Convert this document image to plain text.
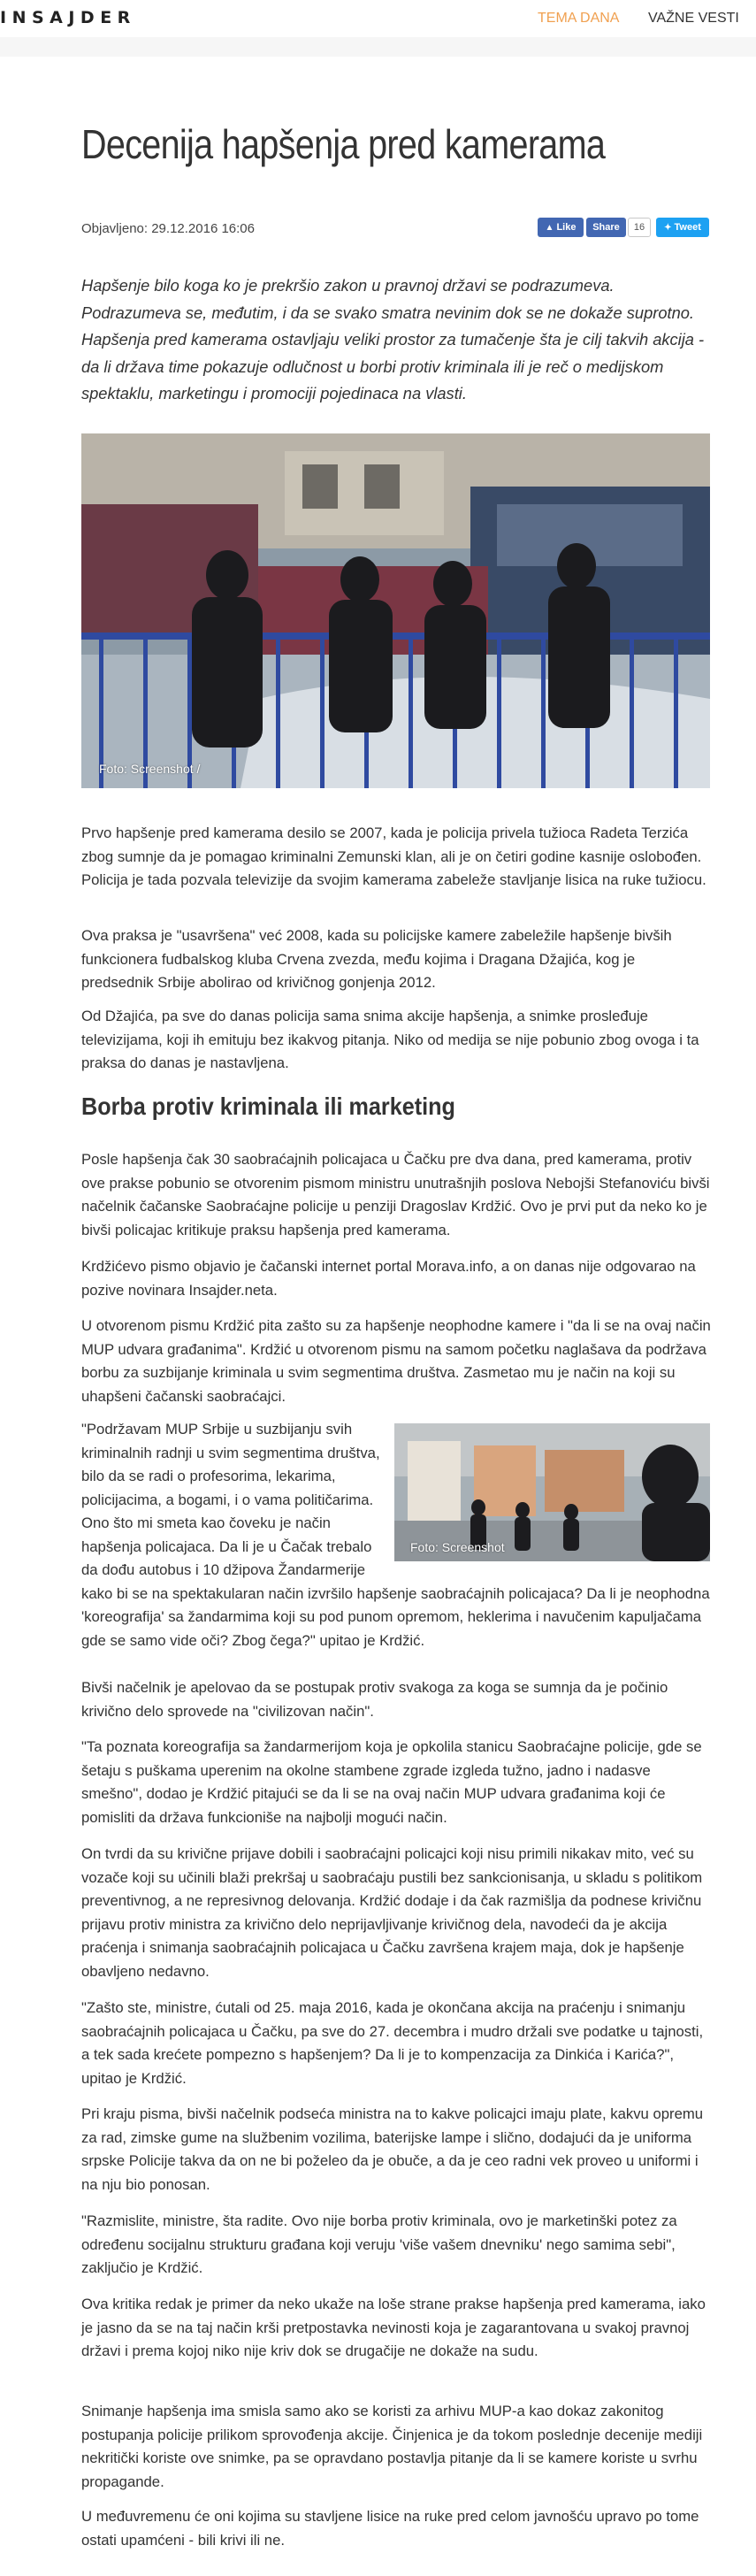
INSAJDER	TEMA DANA VAŽNE VESTI
Decenija hapšenja pred kamerama
Objavljeno: 29.12.2016 16:06	▲ Like Share	16	✦ Tweet

Hapšenje bilo koga ko je prekršio zakon u pravnoj državi se podrazumeva. Podrazumeva se, međutim, i da se svako smatra nevinim dok se ne dokaže suprotno. Hapšenja pred kamerama ostavljaju veliki prostor za tumačenje šta je cilj takvih akcija - da li država time pokazuje odlučnost u borbi protiv kriminala ili je reč o medijskom spektaklu, marketingu i promociji pojedinaca na vlasti.

Foto: Screenshot /

Prvo hapšenje pred kamerama desilo se 2007, kada je policija privela tužioca Radeta Terzića zbog sumnje da je pomagao kriminalni Zemunski klan, ali je on četiri godine kasnije oslobođen. Policija je tada pozvala televizije da svojim kamerama zabeleže stavljanje lisica na ruke tužiocu.

Ova praksa je "usavršena" već 2008, kada su policijske kamere zabeležile hapšenje bivših funkcionera fudbalskog kluba Crvena zvezda, među kojima i Dragana Džajića, kog je predsednik Srbije abolirao od krivičnog gonjenja 2012.

Od Džajića, pa sve do danas policija sama snima akcije hapšenja, a snimke prosleđuje televizijama, koji ih emituju bez ikakvog pitanja. Niko od medija se nije pobunio zbog ovoga i ta praksa do danas je nastavljena.

Borba protiv kriminala ili marketing

Posle hapšenja čak 30 saobraćajnih policajaca u Čačku pre dva dana, pred kamerama, protiv ove prakse pobunio se otvorenim pismom ministru unutrašnjih poslova Nebojši Stefanoviću bivši načelnik čačanske Saobraćajne policije u penziji Dragoslav Krdžić. Ovo je prvi put da neko ko je bivši policajac kritikuje praksu hapšenja pred kamerama.

Krdžićevo pismo objavio je čačanski internet portal Morava.info, a on danas nije odgovarao na pozive novinara Insajder.neta.

U otvorenom pismu Krdžić pita zašto su za hapšenje neophodne kamere i "da li se na ovaj način MUP udvara građanima". Krdžić u otvorenom pismu na samom početku naglašava da podržava borbu za suzbijanje kriminala u svim segmentima društva. Zasmetao mu je način na koji su uhapšeni čačanski saobraćajci.

Foto: Screenshot
"Podržavam MUP Srbije u suzbijanju svih kriminalnih radnji u svim segmentima društva, bilo da se radi o profesorima, lekarima, policijacima, a bogami, i o vama političarima. Ono što mi smeta kao čoveku je način hapšenja policajaca. Da li je u Čačak trebalo da dođu autobus i 10 džipova Žandarmerije kako bi se na spektakularan način izvršilo hapšenje saobraćajnih policajaca? Da li je neophodna 'koreografija' sa žandarmima koji su pod punom opremom, heklerima i navučenim kapuljačama gde se samo vide oči? Zbog čega?" upitao je Krdžić.

Bivši načelnik je apelovao da se postupak protiv svakoga za koga se sumnja da je počinio krivično delo sprovede na "civilizovan način".

"Ta poznata koreografija sa žandarmerijom koja je opkolila stanicu Saobraćajne policije, gde se šetaju s puškama uperenim na okolne stambene zgrade izgleda tužno, jadno i nadasve smešno", dodao je Krdžić pitajući se da li se na ovaj način MUP udvara građanima koji će pomisliti da država funkcioniše na najbolji mogući način.

On tvrdi da su krivične prijave dobili i saobraćajni policajci koji nisu primili nikakav mito, već su vozače koji su učinili blaži prekršaj u saobraćaju pustili bez sankcionisanja, u skladu s politikom preventivnog, a ne represivnog delovanja. Krdžić dodaje i da čak razmišlja da podnese krivičnu prijavu protiv ministra za krivično delo neprijavljivanje krivičnog dela, navodeći da je akcija praćenja i snimanja saobraćajnih policajaca u Čačku završena krajem maja, dok je hapšenje obavljeno nedavno.

"Zašto ste, ministre, ćutali od 25. maja 2016, kada je okončana akcija na praćenju i snimanju saobraćajnih policajaca u Čačku, pa sve do 27. decembra i mudro držali sve podatke u tajnosti, a tek sada krećete pompezno s hapšenjem? Da li je to kompenzacija za Dinkića i Karića?", upitao je Krdžić.

Pri kraju pisma, bivši načelnik podseća ministra na to kakve policajci imaju plate, kakvu opremu za rad, zimske gume na službenim vozilima, baterijske lampe i slično, dodajući da je uniforma srpske Policije takva da on ne bi poželeo da je obuče, a da je ceo radni vek proveo u uniformi i na nju bio ponosan.

"Razmislite, ministre, šta radite. Ovo nije borba protiv kriminala, ovo je marketinški potez za određenu socijalnu strukturu građana koji veruju 'više vašem dnevniku' nego samima sebi", zaključio je Krdžić.

Ova kritika redak je primer da neko ukaže na loše strane prakse hapšenja pred kamerama, iako je jasno da se na taj način krši pretpostavka nevinosti koja je zagarantovana u svakoj pravnoj državi i prema kojoj niko nije kriv dok se drugačije ne dokaže na sudu.

Snimanje hapšenja ima smisla samo ako se koristi za arhivu MUP-a kao dokaz zakonitog postupanja policije prilikom sprovođenja akcije. Činjenica je da tokom poslednje decenije mediji nekritički koriste ove snimke, pa se opravdano postavlja pitanje da li se kamere koriste u svrhu propagande.

U međuvremenu će oni kojima su stavljene lisice na ruke pred celom javnošću upravo po tome ostati upamćeni - bili krivi ili ne.
